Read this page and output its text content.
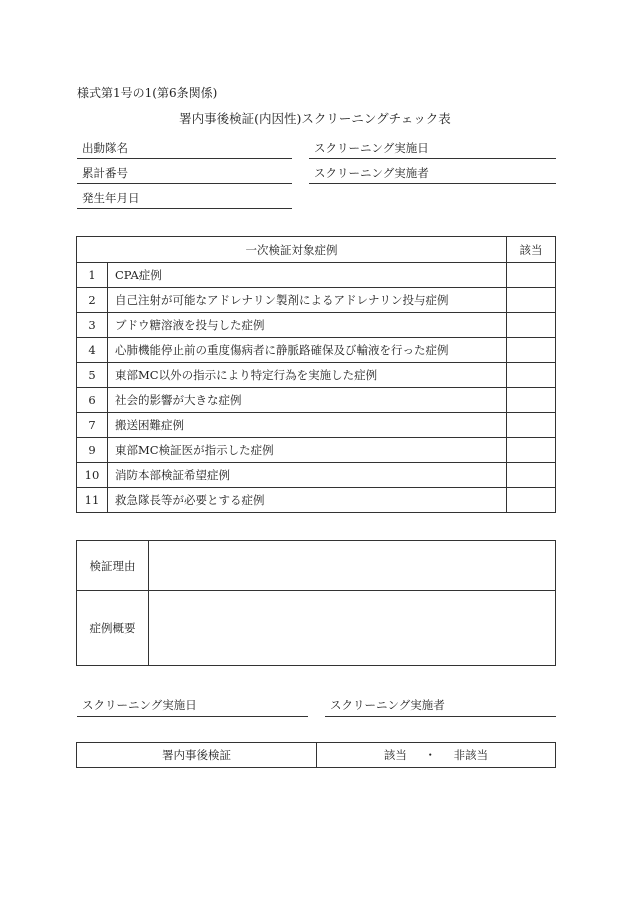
様式第1号の1(第6条関係)
署内事後検証(内因性)スクリーニングチェック表
出動隊名	スクリーニング実施日
累計番号	スクリーニング実施者
発生年月日
一次検証対象症例		該当
1	CPA症例	
2	自己注射が可能なアドレナリン製剤によるアドレナリン投与症例	
3	ブドウ糖溶液を投与した症例	
4	心肺機能停止前の重度傷病者に静脈路確保及び輸液を行った症例	
5	東部MC以外の指示により特定行為を実施した症例	
6	社会的影響が大きな症例	
7	搬送困難症例	
9	東部MC検証医が指示した症例	
10	消防本部検証希望症例	
11	救急隊長等が必要とする症例	
検証理由	
症例概要	
スクリーニング実施日	スクリーニング実施者
署内事後検証	該当 ・ 非該当
